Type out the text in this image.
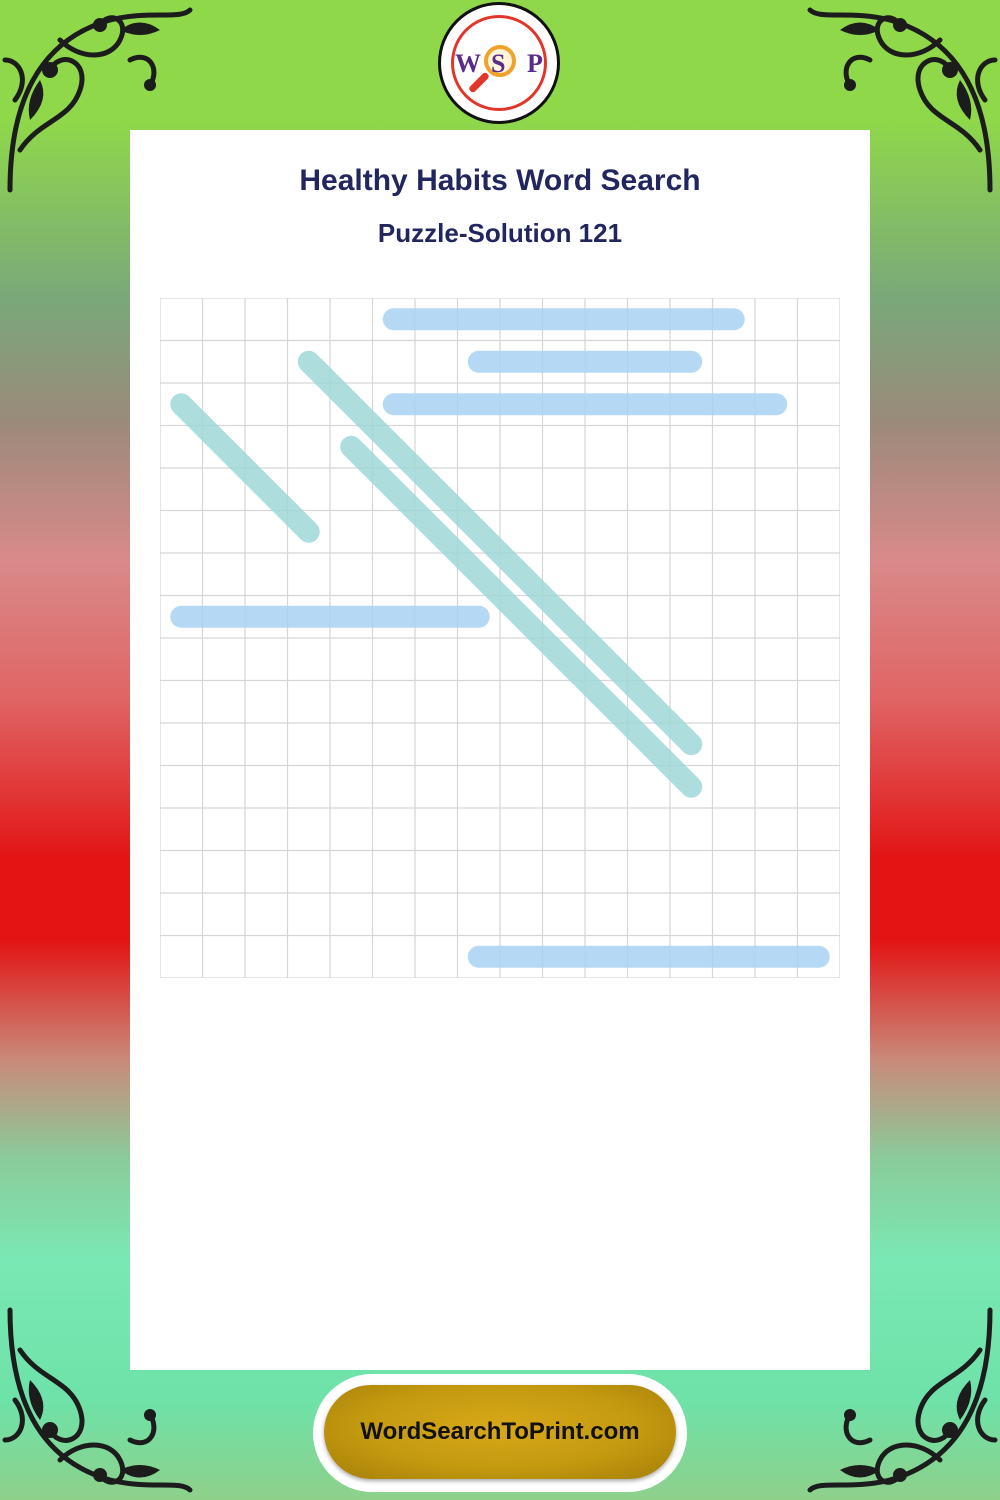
W S P
Healthy Habits Word Search
Puzzle-Solution 121
WordSearchToPrint.com
